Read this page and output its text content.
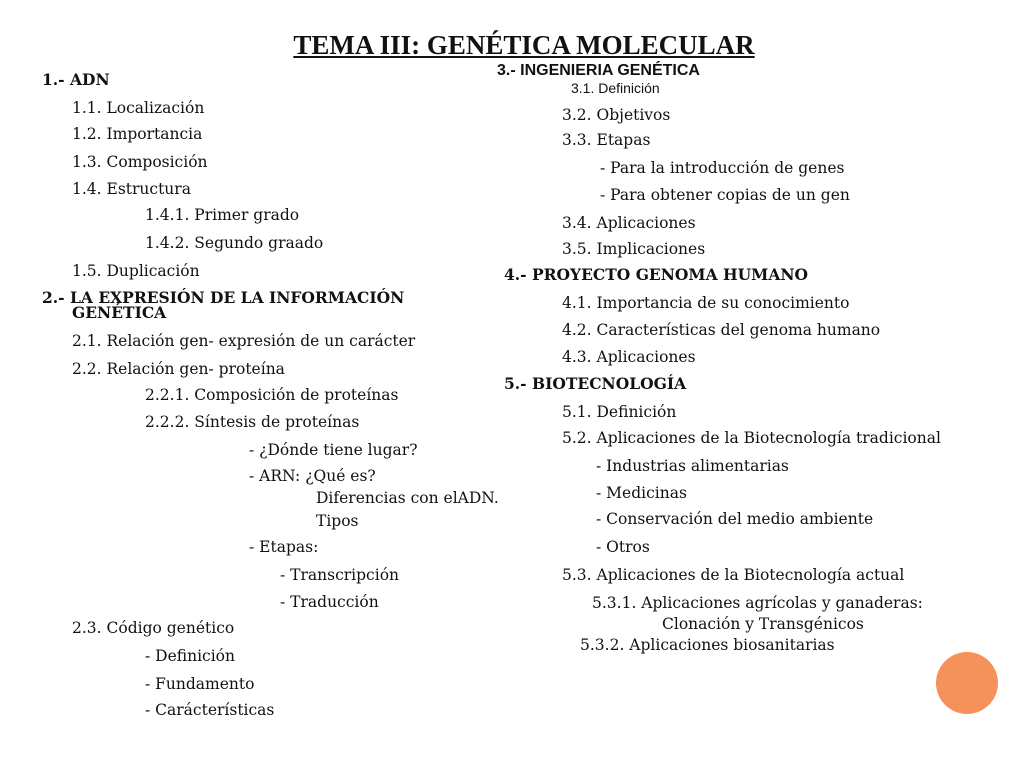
TEMA III: GENÉTICA MOLECULAR
1.- ADN
1.1. Localización
1.2. Importancia
1.3. Composición
1.4. Estructura
1.4.1. Primer grado
1.4.2. Segundo graado
1.5. Duplicación
2.- LA EXPRESIÓN DE LA INFORMACIÓN
GENÉTICA
2.1. Relación gen- expresión de un carácter
2.2. Relación gen- proteína
2.2.1. Composición de proteínas
2.2.2. Síntesis de proteínas
- ¿Dónde tiene lugar?
- ARN: ¿Qué es?
Diferencias con elADN.
Tipos
- Etapas:
- Transcripción
- Traducción
2.3. Código genético
- Definición
- Fundamento
- Carácterísticas
3.- INGENIERIA GENÉTICA
3.1. Definición
3.2. Objetivos
3.3. Etapas
- Para la introducción de genes
- Para obtener copias de un gen
3.4. Aplicaciones
3.5. Implicaciones
4.- PROYECTO GENOMA HUMANO
4.1. Importancia de su conocimiento
4.2. Características del genoma humano
4.3. Aplicaciones
5.- BIOTECNOLOGÍA
5.1. Definición
5.2. Aplicaciones de la Biotecnología tradicional
- Industrias alimentarias
- Medicinas
- Conservación del medio ambiente
- Otros
5.3. Aplicaciones de la Biotecnología actual
5.3.1. Aplicaciones agrícolas y ganaderas:
Clonación y Transgénicos
5.3.2. Aplicaciones biosanitarias
